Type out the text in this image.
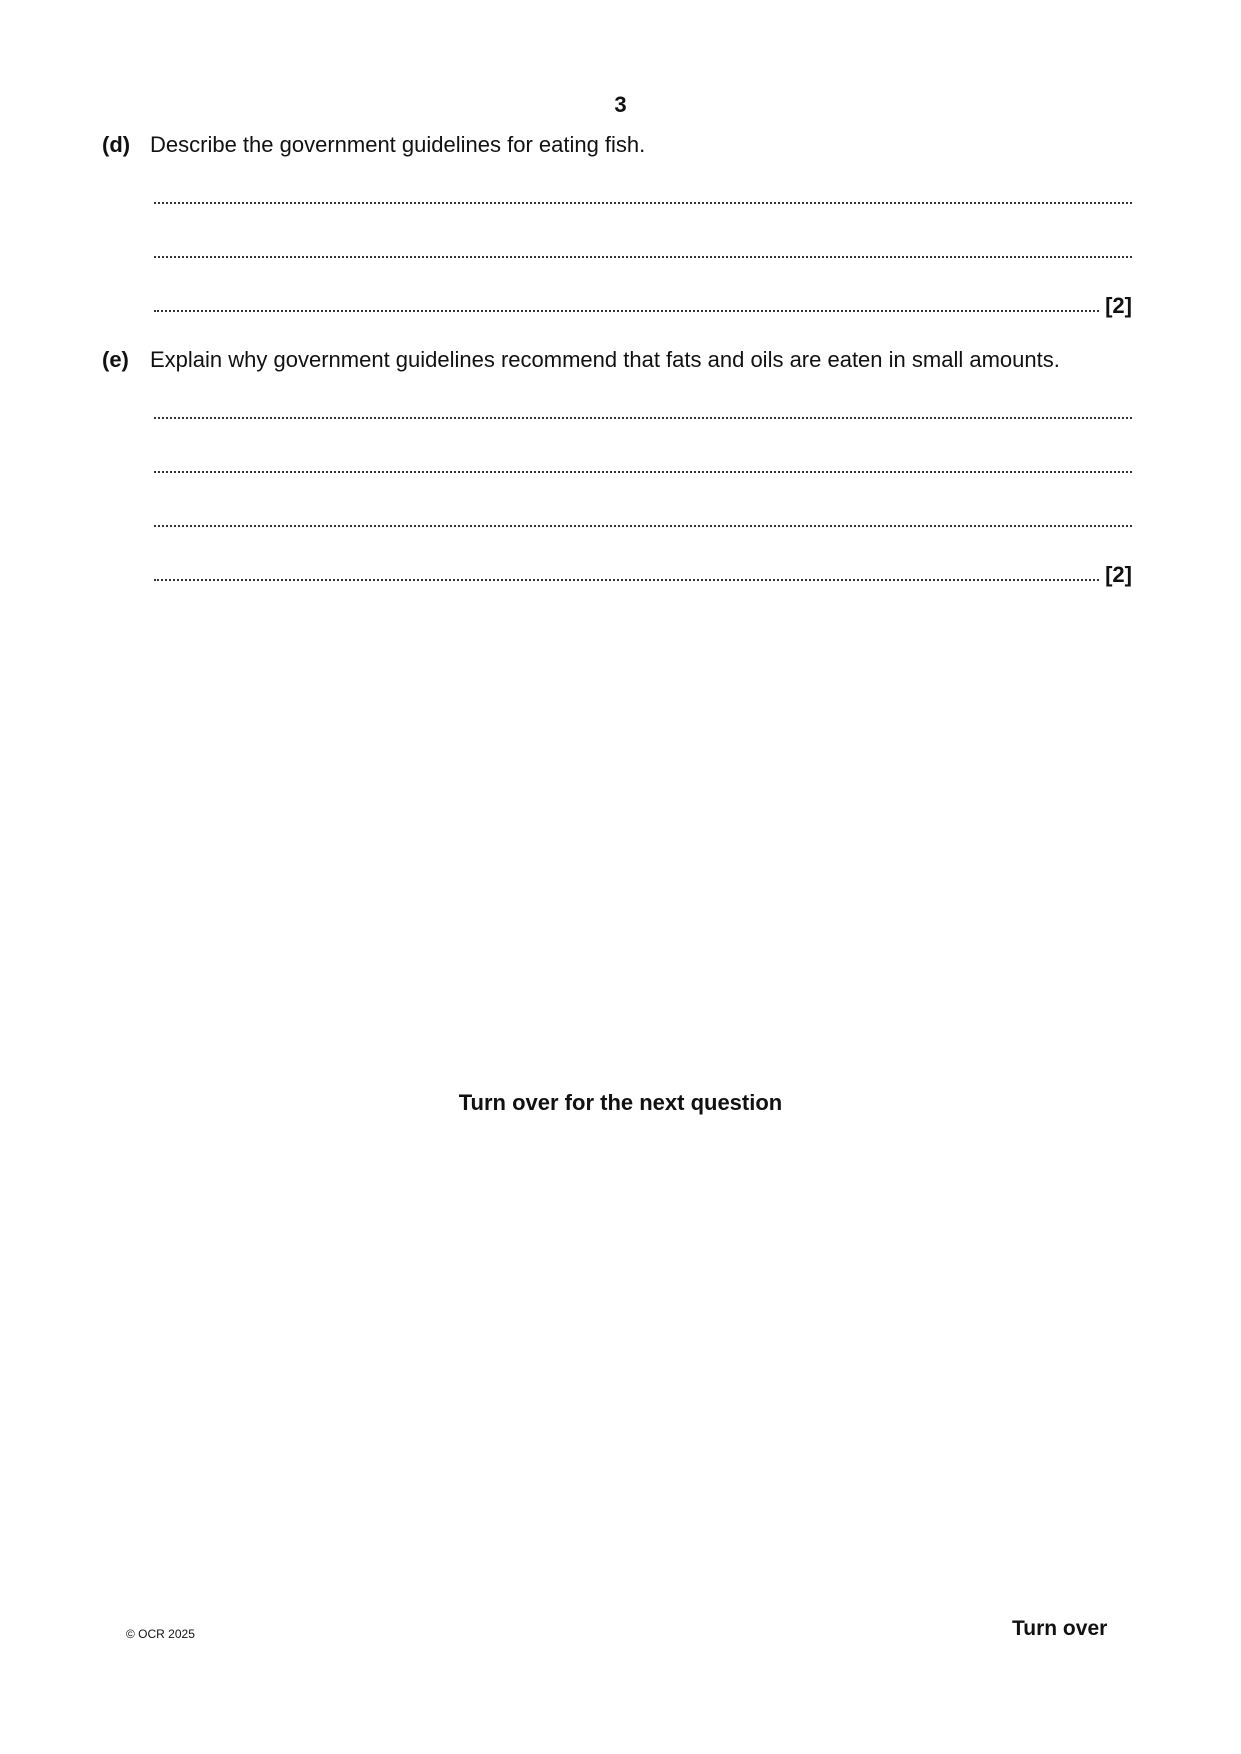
3
(d) Describe the government guidelines for eating fish.
[2]
(e) Explain why government guidelines recommend that fats and oils are eaten in small amounts.
[2]
Turn over for the next question
© OCR 2025	Turn over
